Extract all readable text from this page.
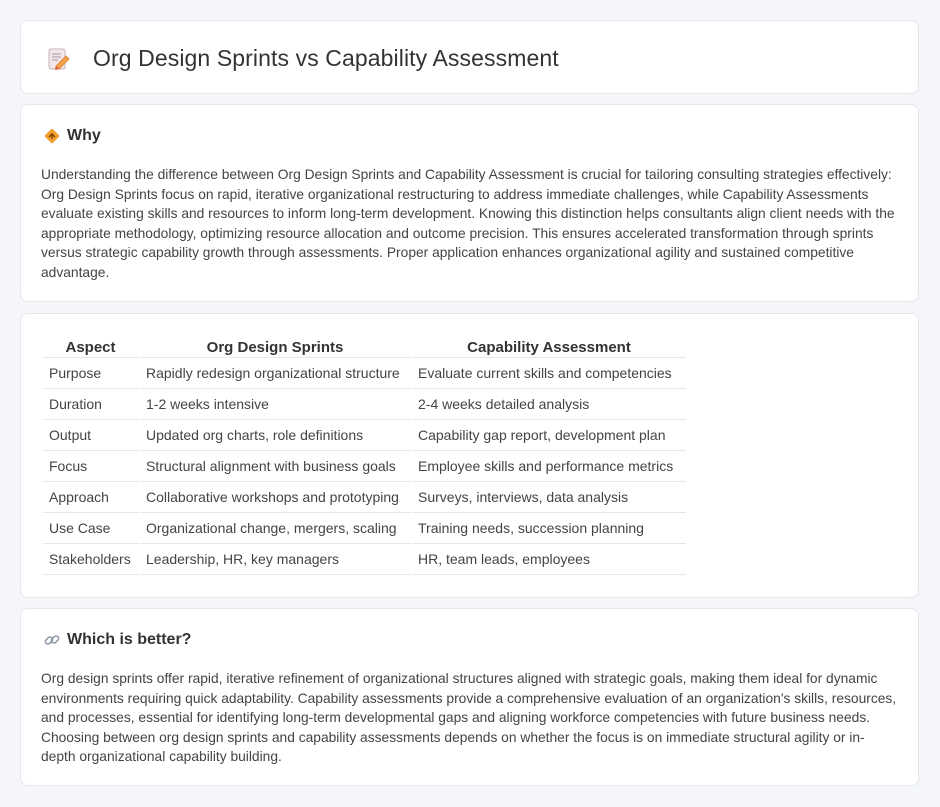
Org Design Sprints vs Capability Assessment
Why

Understanding the difference between Org Design Sprints and Capability Assessment is crucial for tailoring consulting strategies effectively: Org Design Sprints focus on rapid, iterative organizational restructuring to address immediate challenges, while Capability Assessments evaluate existing skills and resources to inform long-term development. Knowing this distinction helps consultants align client needs with the appropriate methodology, optimizing resource allocation and outcome precision. This ensures accelerated transformation through sprints versus strategic capability growth through assessments. Proper application enhances organizational agility and sustained competitive advantage.

Aspect	Org Design Sprints	Capability Assessment
Purpose	Rapidly redesign organizational structure	Evaluate current skills and competencies
Duration	1-2 weeks intensive	2-4 weeks detailed analysis
Output	Updated org charts, role definitions	Capability gap report, development plan
Focus	Structural alignment with business goals	Employee skills and performance metrics
Approach	Collaborative workshops and prototyping	Surveys, interviews, data analysis
Use Case	Organizational change, mergers, scaling	Training needs, succession planning
Stakeholders	Leadership, HR, key managers	HR, team leads, employees
Which is better?

Org design sprints offer rapid, iterative refinement of organizational structures aligned with strategic goals, making them ideal for dynamic environments requiring quick adaptability. Capability assessments provide a comprehensive evaluation of an organization's skills, resources, and processes, essential for identifying long-term developmental gaps and aligning workforce competencies with future business needs. Choosing between org design sprints and capability assessments depends on whether the focus is on immediate structural agility or in-depth organizational capability building.
